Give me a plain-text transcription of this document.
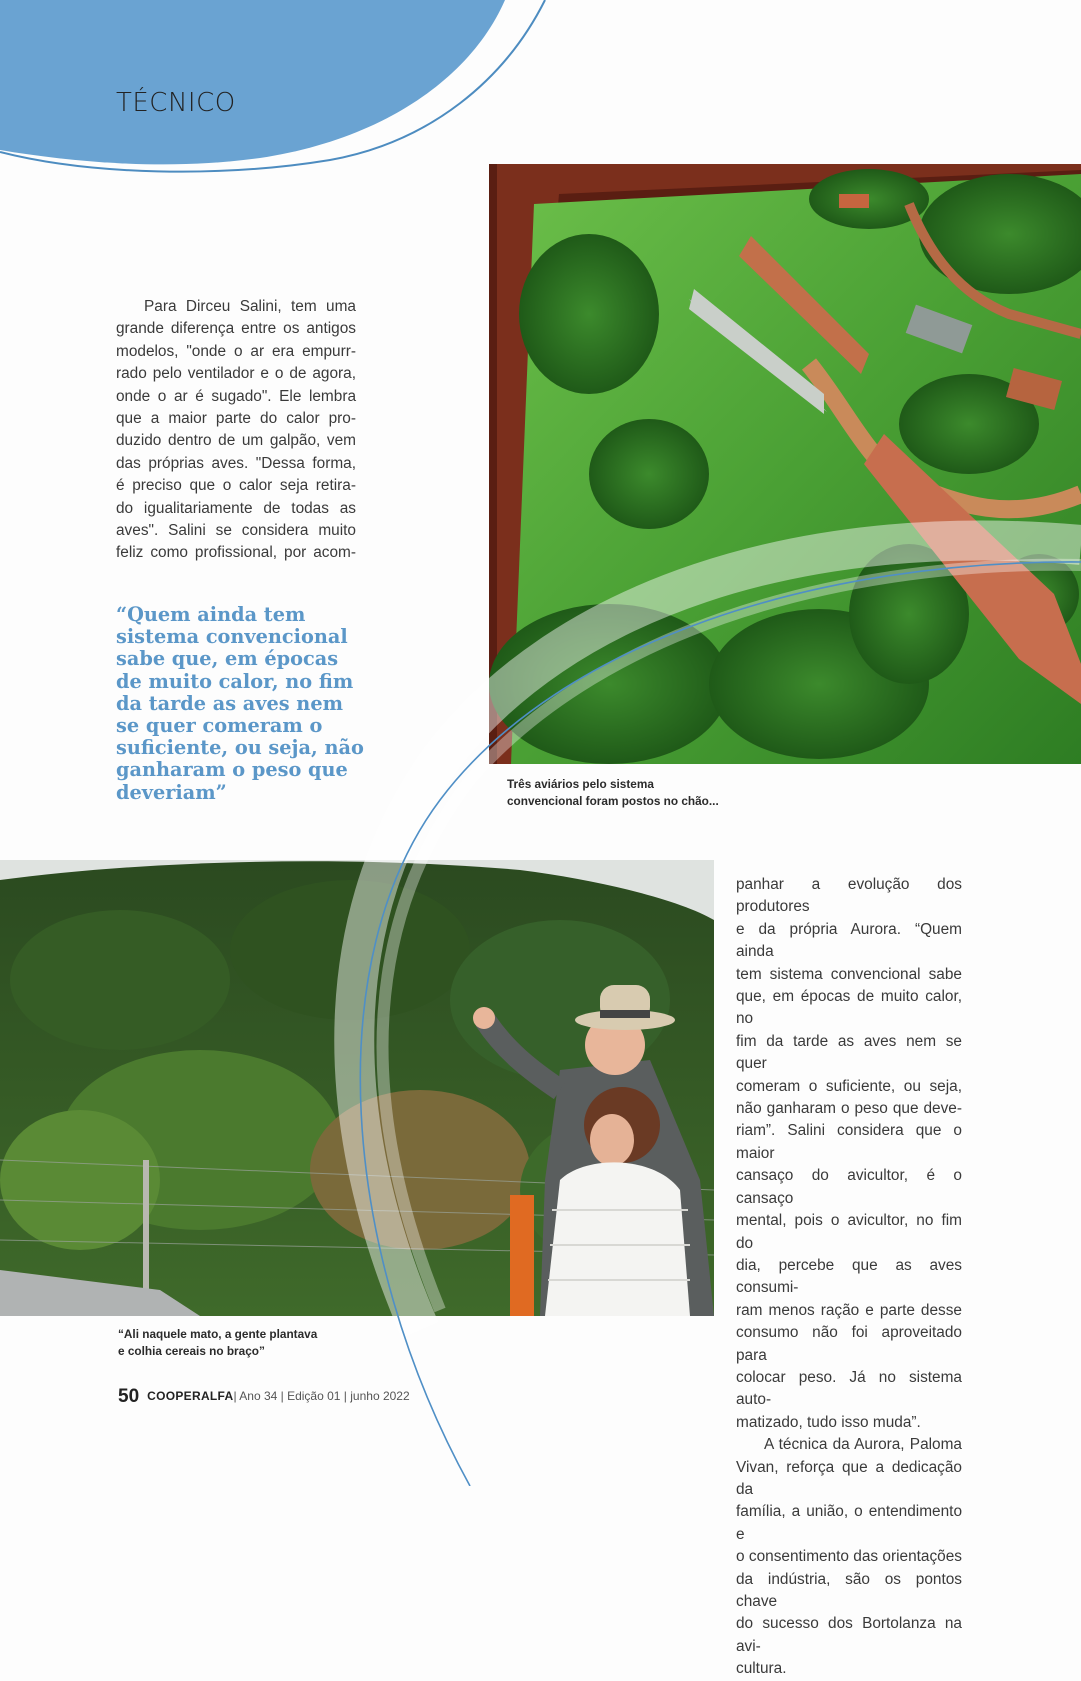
TÉCNICO
Para Dirceu Salini, tem uma
grande diferença entre os antigos
modelos, "onde o ar era empurr-
rado pelo ventilador e o de agora,
onde o ar é sugado". Ele lembra
que a maior parte do calor pro-
duzido dentro de um galpão, vem
das próprias aves. "Dessa forma,
é preciso que o calor seja retira-
do igualitariamente de todas as
aves". Salini se considera muito
feliz como profissional, por acom-
“Quem ainda tem sistema convencional sabe que, em épocas de muito calor, no fim da tarde as aves nem se quer comeram o suficiente, ou seja, não ganharam o peso que deveriam”	Três aviários pelo sistema
convencional foram postos no chão...
“Ali naquele mato, a gente plantava
e colhia cereais no braço”
panhar a evolução dos produtores
e da própria Aurora. “Quem ainda
tem sistema convencional sabe
que, em épocas de muito calor, no
fim da tarde as aves nem se quer
comeram o suficiente, ou seja,
não ganharam o peso que deve-
riam”. Salini considera que o maior
cansaço do avicultor, é o cansaço
mental, pois o avicultor, no fim do
dia, percebe que as aves consumi-
ram menos ração e parte desse
consumo não foi aproveitado para
colocar peso. Já no sistema auto-
matizado, tudo isso muda”.
A técnica da Aurora, Paloma
Vivan, reforça que a dedicação da
família, a união, o entendimento e
o consentimento das orientações
da indústria, são os pontos chave
do sucesso dos Bortolanza na avi-
cultura.
50 COOPERALFA| Ano 34 | Edição 01 | junho 2022
